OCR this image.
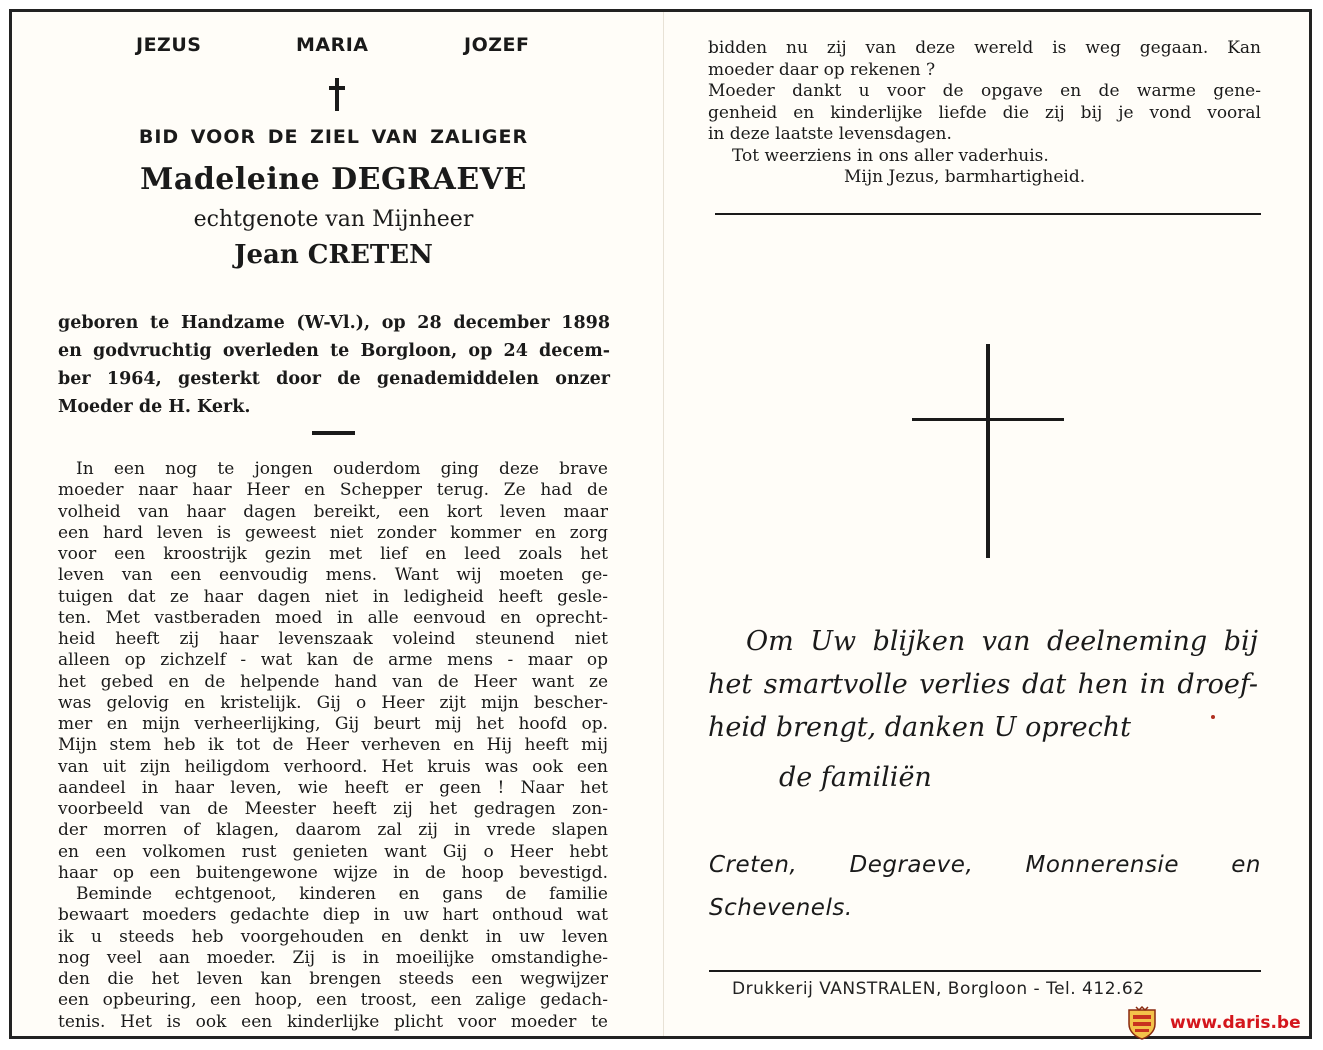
JEZUS	MARIA	JOZEF
BID VOOR DE ZIEL VAN ZALIGER
Madeleine DEGRAEVE
echtgenote van Mijnheer
Jean CRETEN
geboren te Handzame (W-Vl.), op 28 december 1898
en godvruchtig overleden te Borgloon, op 24 decem-
ber 1964, gesterkt door de genademiddelen onzer
Moeder de H. Kerk.
In een nog te jongen ouderdom ging deze brave
moeder naar haar Heer en Schepper terug. Ze had de
volheid van haar dagen bereikt, een kort leven maar
een hard leven is geweest niet zonder kommer en zorg
voor een kroostrijk gezin met lief en leed zoals het
leven van een eenvoudig mens. Want wij moeten ge-
tuigen dat ze haar dagen niet in ledigheid heeft gesle-
ten. Met vastberaden moed in alle eenvoud en oprecht-
heid heeft zij haar levenszaak voleind steunend niet
alleen op zichzelf - wat kan de arme mens - maar op
het gebed en de helpende hand van de Heer want ze
was gelovig en kristelijk. Gij o Heer zijt mijn bescher-
mer en mijn verheerlijking, Gij beurt mij het hoofd op.
Mijn stem heb ik tot de Heer verheven en Hij heeft mij
van uit zijn heiligdom verhoord. Het kruis was ook een
aandeel in haar leven, wie heeft er geen ! Naar het
voorbeeld van de Meester heeft zij het gedragen zon-
der morren of klagen, daarom zal zij in vrede slapen
en een volkomen rust genieten want Gij o Heer hebt
haar op een buitengewone wijze in de hoop bevestigd.
Beminde echtgenoot, kinderen en gans de familie
bewaart moeders gedachte diep in uw hart onthoud wat
ik u steeds heb voorgehouden en denkt in uw leven
nog veel aan moeder. Zij is in moeilijke omstandighe-
den die het leven kan brengen steeds een wegwijzer
een opbeuring, een hoop, een troost, een zalige gedach-
tenis. Het is ook een kinderlijke plicht voor moeder te
bidden nu zij van deze wereld is weg gegaan. Kan
moeder daar op rekenen ?
Moeder dankt u voor de opgave en de warme gene-
genheid en kinderlijke liefde die zij bij je vond vooral
in deze laatste levensdagen.
Tot weerziens in ons aller vaderhuis.
Mijn Jezus, barmhartigheid.
Om Uw blijken van deelneming bij
het smartvolle verlies dat hen in droef-
heid brengt, danken U oprecht
de familiën
Creten, Degraeve, Monnerensie en
Schevenels.
Drukkerij VANSTRALEN, Borgloon - Tel. 412.62
www.daris.be
